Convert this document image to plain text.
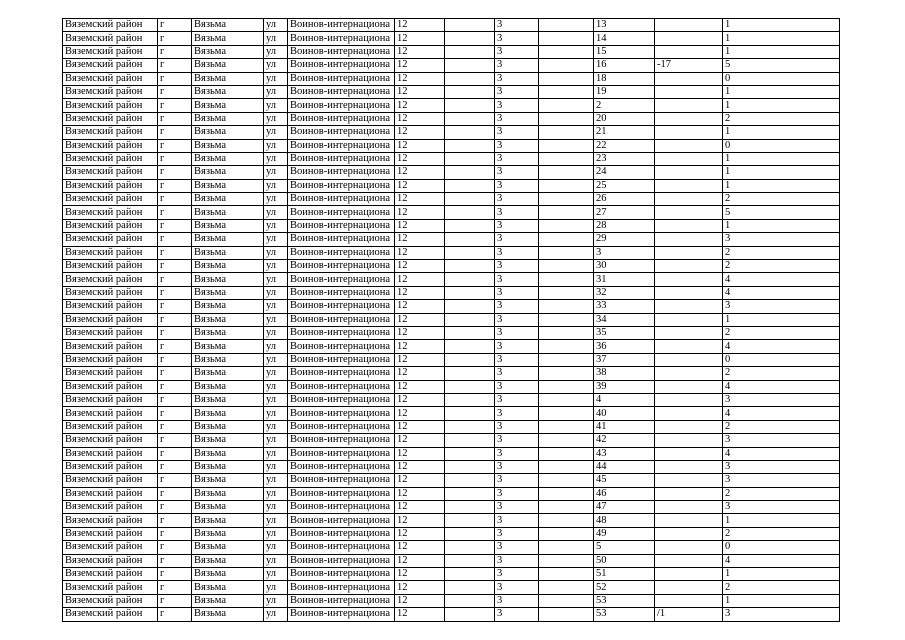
Вяземский район	г	Вязьма	ул	Воинов-интернациона	12		3		13		1
Вяземский район	г	Вязьма	ул	Воинов-интернациона	12		3		14		1
Вяземский район	г	Вязьма	ул	Воинов-интернациона	12		3		15		1
Вяземский район	г	Вязьма	ул	Воинов-интернациона	12		3		16	-17	5
Вяземский район	г	Вязьма	ул	Воинов-интернациона	12		3		18		0
Вяземский район	г	Вязьма	ул	Воинов-интернациона	12		3		19		1
Вяземский район	г	Вязьма	ул	Воинов-интернациона	12		3		2		1
Вяземский район	г	Вязьма	ул	Воинов-интернациона	12		3		20		2
Вяземский район	г	Вязьма	ул	Воинов-интернациона	12		3		21		1
Вяземский район	г	Вязьма	ул	Воинов-интернациона	12		3		22		0
Вяземский район	г	Вязьма	ул	Воинов-интернациона	12		3		23		1
Вяземский район	г	Вязьма	ул	Воинов-интернациона	12		3		24		1
Вяземский район	г	Вязьма	ул	Воинов-интернациона	12		3		25		1
Вяземский район	г	Вязьма	ул	Воинов-интернациона	12		3		26		2
Вяземский район	г	Вязьма	ул	Воинов-интернациона	12		3		27		5
Вяземский район	г	Вязьма	ул	Воинов-интернациона	12		3		28		1
Вяземский район	г	Вязьма	ул	Воинов-интернациона	12		3		29		3
Вяземский район	г	Вязьма	ул	Воинов-интернациона	12		3		3		2
Вяземский район	г	Вязьма	ул	Воинов-интернациона	12		3		30		2
Вяземский район	г	Вязьма	ул	Воинов-интернациона	12		3		31		4
Вяземский район	г	Вязьма	ул	Воинов-интернациона	12		3		32		4
Вяземский район	г	Вязьма	ул	Воинов-интернациона	12		3		33		3
Вяземский район	г	Вязьма	ул	Воинов-интернациона	12		3		34		1
Вяземский район	г	Вязьма	ул	Воинов-интернациона	12		3		35		2
Вяземский район	г	Вязьма	ул	Воинов-интернациона	12		3		36		4
Вяземский район	г	Вязьма	ул	Воинов-интернациона	12		3		37		0
Вяземский район	г	Вязьма	ул	Воинов-интернациона	12		3		38		2
Вяземский район	г	Вязьма	ул	Воинов-интернациона	12		3		39		4
Вяземский район	г	Вязьма	ул	Воинов-интернациона	12		3		4		3
Вяземский район	г	Вязьма	ул	Воинов-интернациона	12		3		40		4
Вяземский район	г	Вязьма	ул	Воинов-интернациона	12		3		41		2
Вяземский район	г	Вязьма	ул	Воинов-интернациона	12		3		42		3
Вяземский район	г	Вязьма	ул	Воинов-интернациона	12		3		43		4
Вяземский район	г	Вязьма	ул	Воинов-интернациона	12		3		44		3
Вяземский район	г	Вязьма	ул	Воинов-интернациона	12		3		45		3
Вяземский район	г	Вязьма	ул	Воинов-интернациона	12		3		46		2
Вяземский район	г	Вязьма	ул	Воинов-интернациона	12		3		47		3
Вяземский район	г	Вязьма	ул	Воинов-интернациона	12		3		48		1
Вяземский район	г	Вязьма	ул	Воинов-интернациона	12		3		49		2
Вяземский район	г	Вязьма	ул	Воинов-интернациона	12		3		5		0
Вяземский район	г	Вязьма	ул	Воинов-интернациона	12		3		50		4
Вяземский район	г	Вязьма	ул	Воинов-интернациона	12		3		51		1
Вяземский район	г	Вязьма	ул	Воинов-интернациона	12		3		52		2
Вяземский район	г	Вязьма	ул	Воинов-интернациона	12		3		53		1
Вяземский район	г	Вязьма	ул	Воинов-интернациона	12		3		53	/1	3
